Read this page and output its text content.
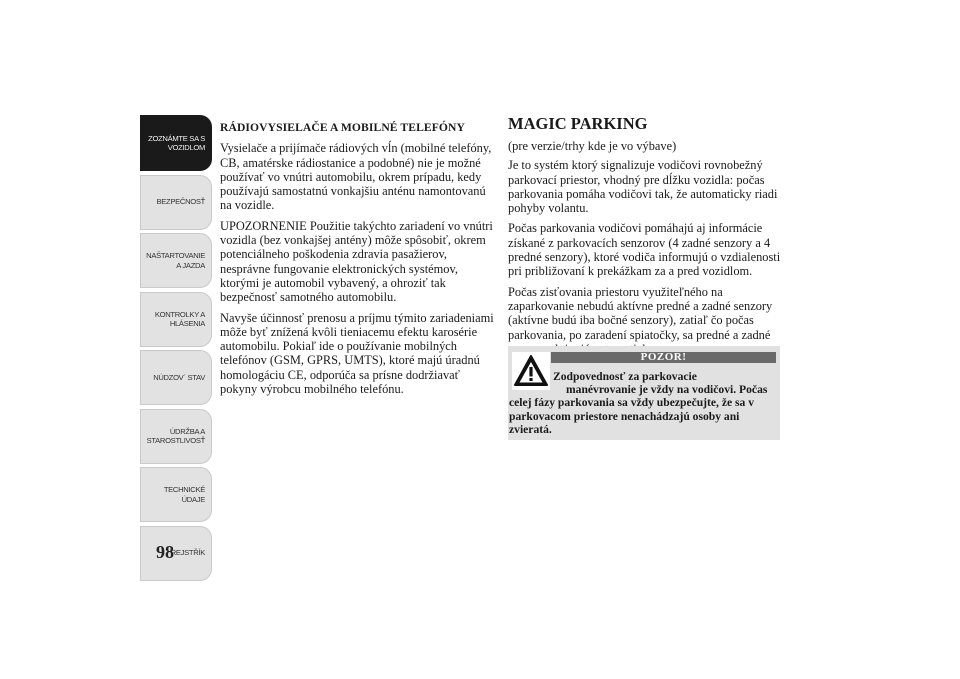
ZOZNÁMTE SA S
VOZIDLOM
BEZPEČNOSŤ
NAŠTARTOVANIE
A JAZDA
KONTROLKY A
HLÁSENIA
NÚDZOV´ STAV
ÚDRŽBA A
STAROSTLIVOSŤ
TECHNICKÉ
ÚDAJE
REJSTŘÍK
98

RÁDIOVYSIELAČE A MOBILNÉ TELEFÓNY

Vysielače a prijímače rádiových vĺn (mobilné telefóny, CB, amatérske rádiostanice a podobné) nie je možné používať vo vnútri automobilu, okrem prípadu, kedy používajú samostatnú vonkajšiu anténu namontovanú na vozidle.

UPOZORNENIE Použitie takýchto zariadení vo vnútri vozidla (bez vonkajšej antény) môže spôsobiť, okrem potenciálneho poškodenia zdravia pasažierov, nesprávne fungovanie elektronických systémov, ktorými je automobil vybavený, a ohroziť tak bezpečnosť samotného automobilu.

Navyše účinnosť prenosu a príjmu týmito zariadeniami môže byť znížená kvôli tieniacemu efektu karosérie automobilu. Pokiaľ ide o používanie mobilných telefónov (GSM, GPRS, UMTS), ktoré majú úradnú homologáciu CE, odporúča sa prísne dodržiavať pokyny výrobcu mobilného telefónu.

MAGIC PARKING

(pre verzie/trhy kde je vo výbave)

Je to systém ktorý signalizuje vodičovi rovnobežný parkovací priestor, vhodný pre dĺžku vozidla: počas parkovania pomáha vodičovi tak, že automaticky riadi pohyby volantu.

Počas parkovania vodičovi pomáhajú aj informácie získané z parkovacích senzorov (4 zadné senzory a 4 predné senzory), ktoré vodiča informujú o vzdialenosti pri približovaní k prekážkam za a pred vozidlom.

Počas zisťovania priestoru využiteľného na zaparkovanie nebudú aktívne predné a zadné senzory (aktívne budú iba bočné senzory), zatiaľ čo počas parkovania, po zaradení spiatočky, sa predné a zadné

POZOR!
Zodpovednosť za parkovacie
manévrovanie je vždy na vodičovi. Počas
celej fázy parkovania sa vždy ubezpečujte, že sa v parkovacom priestore nenachádzajú osoby ani zvieratá.
